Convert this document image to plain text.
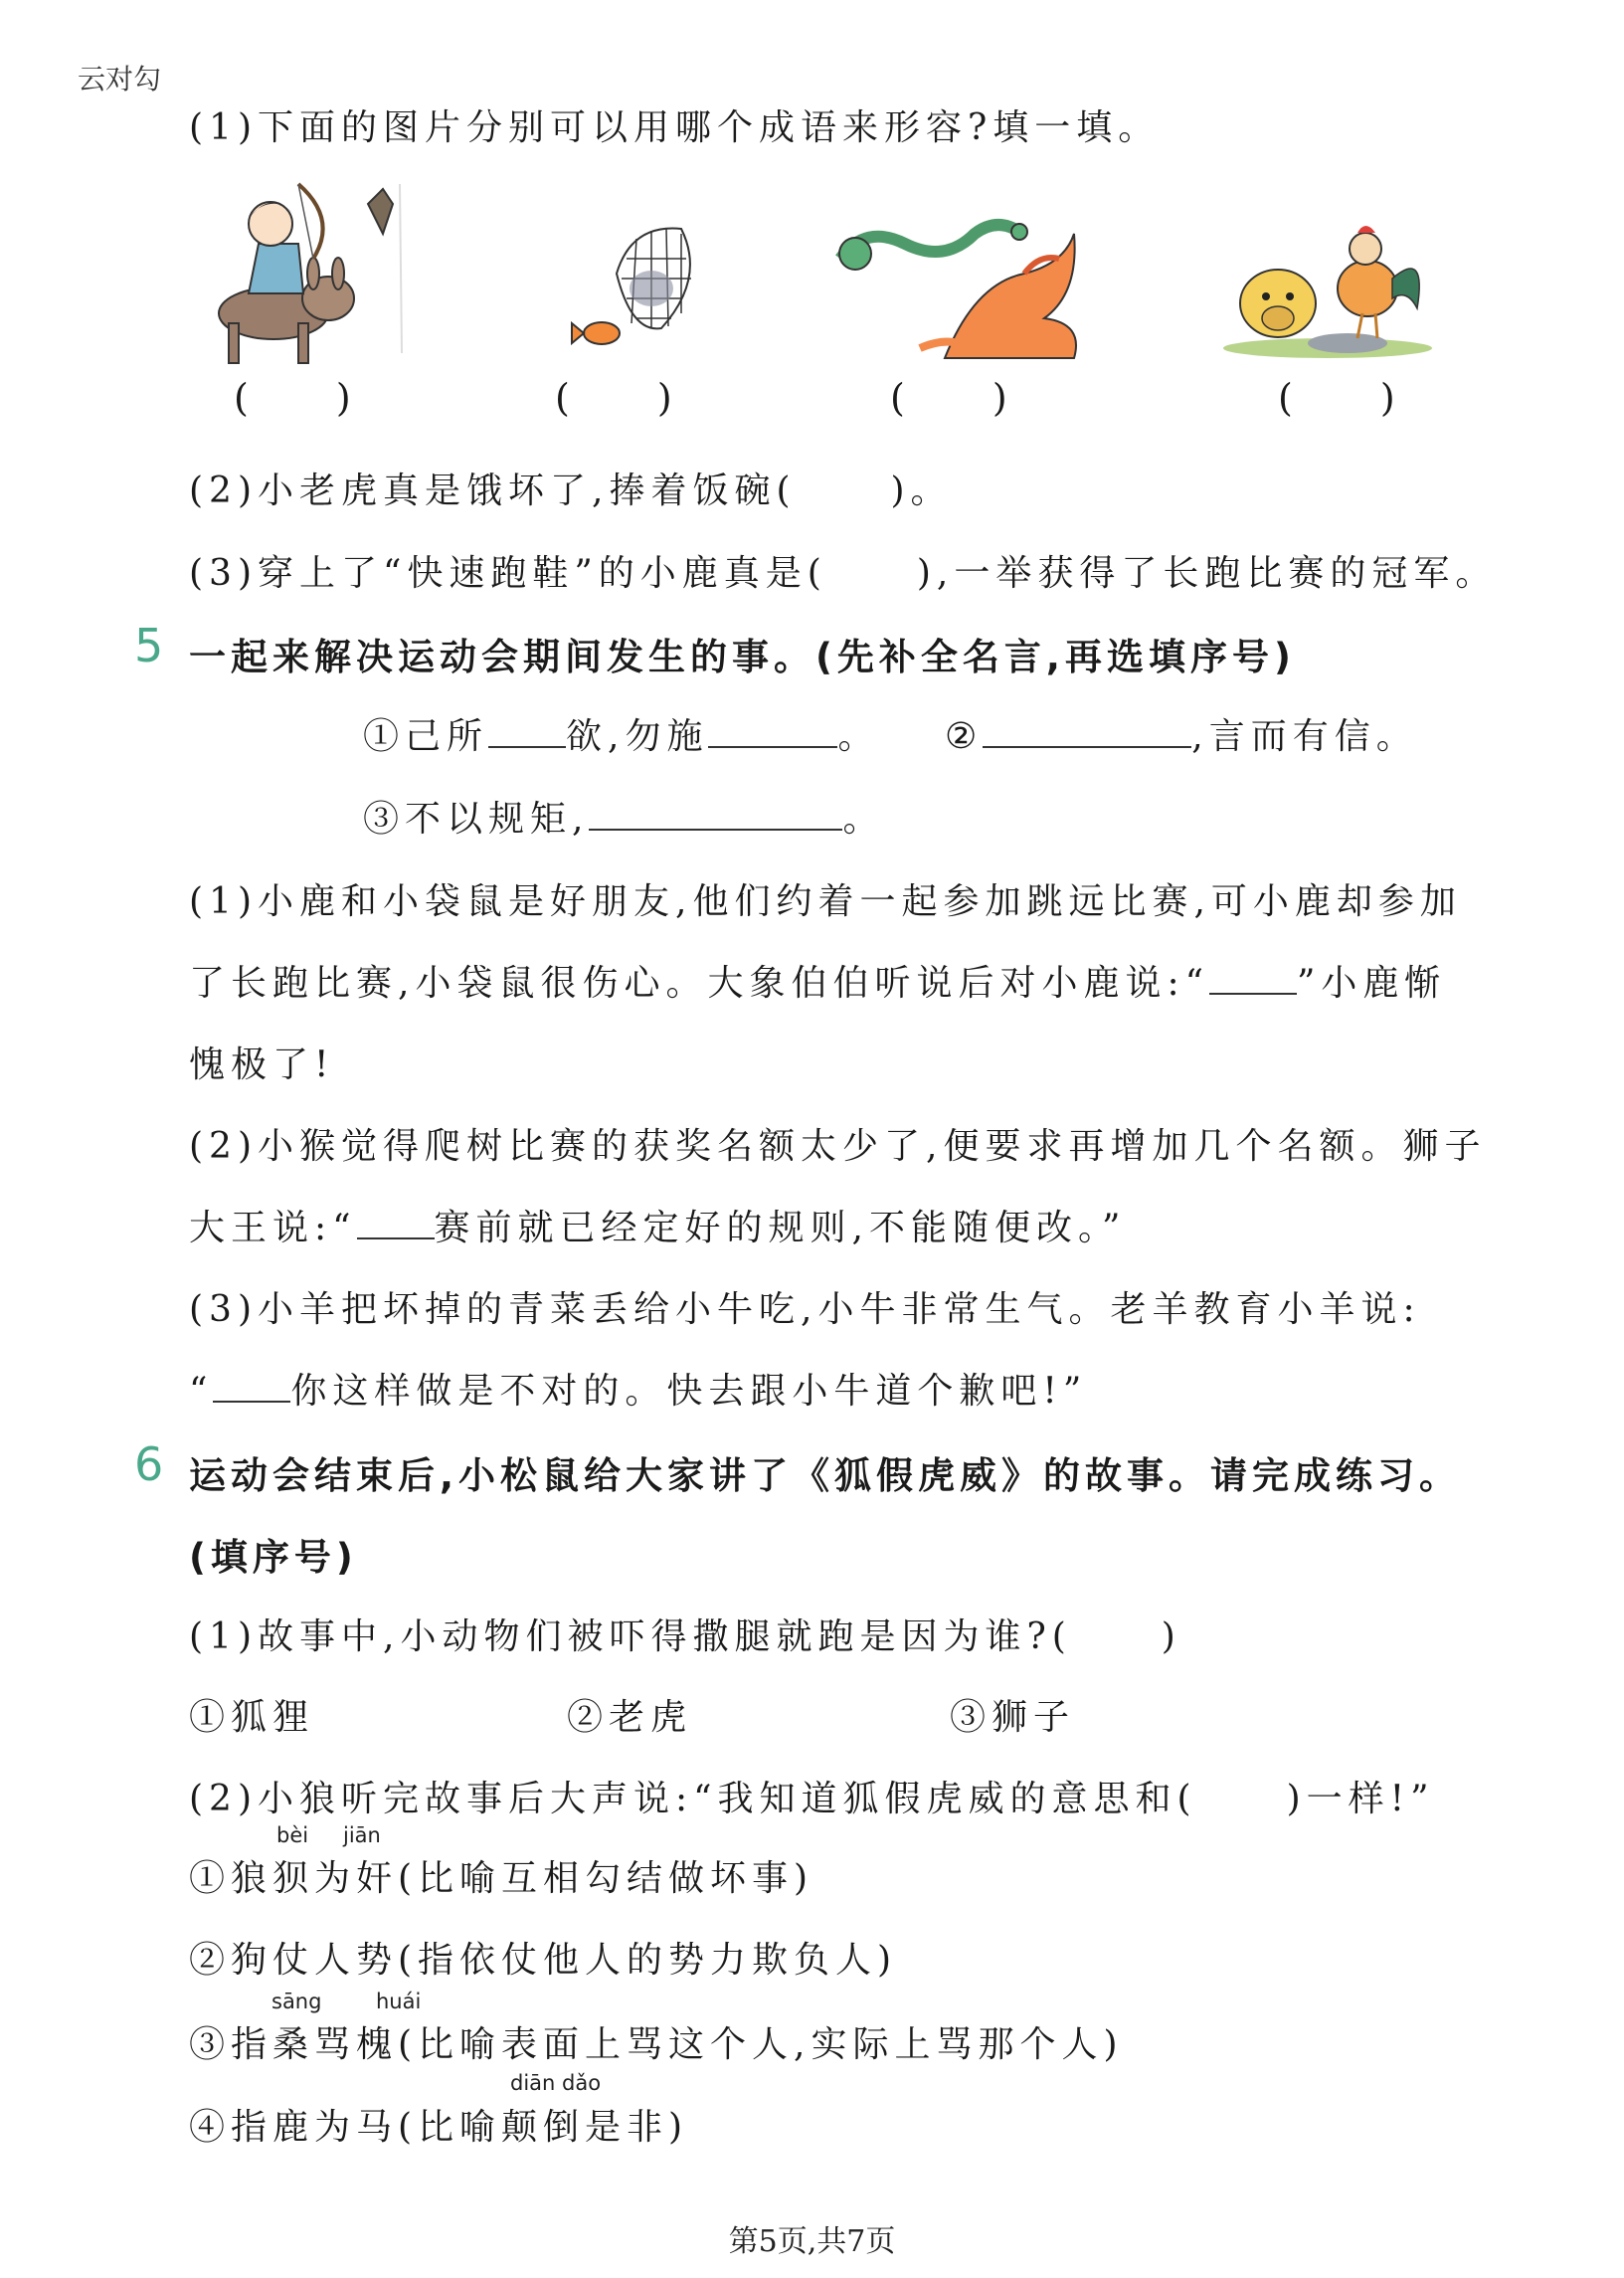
云对勾
(1)下面的图片分别可以用哪个成语来形容?填一填。
( )	( )	( )	( )
(2)小老虎真是饿坏了,捧着饭碗(	)。
(3)穿上了“快速跑鞋”的小鹿真是(	),一举获得了长跑比赛的冠军。
5 一起来解决运动会期间发生的事。(先补全名言,再选填序号)
①己所 欲,勿施	。 ②	,言而有信。
③不以规矩,	。
(1)小鹿和小袋鼠是好朋友,他们约着一起参加跳远比赛,可小鹿却参加
了长跑比赛,小袋鼠很伤心。大象伯伯听说后对小鹿说:“ ”小鹿惭
愧极了!
(2)小猴觉得爬树比赛的获奖名额太少了,便要求再增加几个名额。狮子
大王说:“ 赛前就已经定好的规则,不能随便改。”
(3)小羊把坏掉的青菜丢给小牛吃,小牛非常生气。老羊教育小羊说:
“ 你这样做是不对的。快去跟小牛道个歉吧!”
6 运动会结束后,小松鼠给大家讲了《狐假虎威》的故事。请完成练习。
(填序号)
(1)故事中,小动物们被吓得撒腿就跑是因为谁?(	)
①狐狸	②老虎	③狮子
(2)小狼听完故事后大声说:“我知道狐假虎威的意思和(	)一样!”
bèi jiān
①狼狈为奸(比喻互相勾结做坏事)
②狗仗人势(指依仗他人的势力欺负人)
sāng	huái
③指桑骂槐(比喻表面上骂这个人,实际上骂那个人)
diān dǎo
④指鹿为马(比喻颠倒是非)
第5页,共7页
